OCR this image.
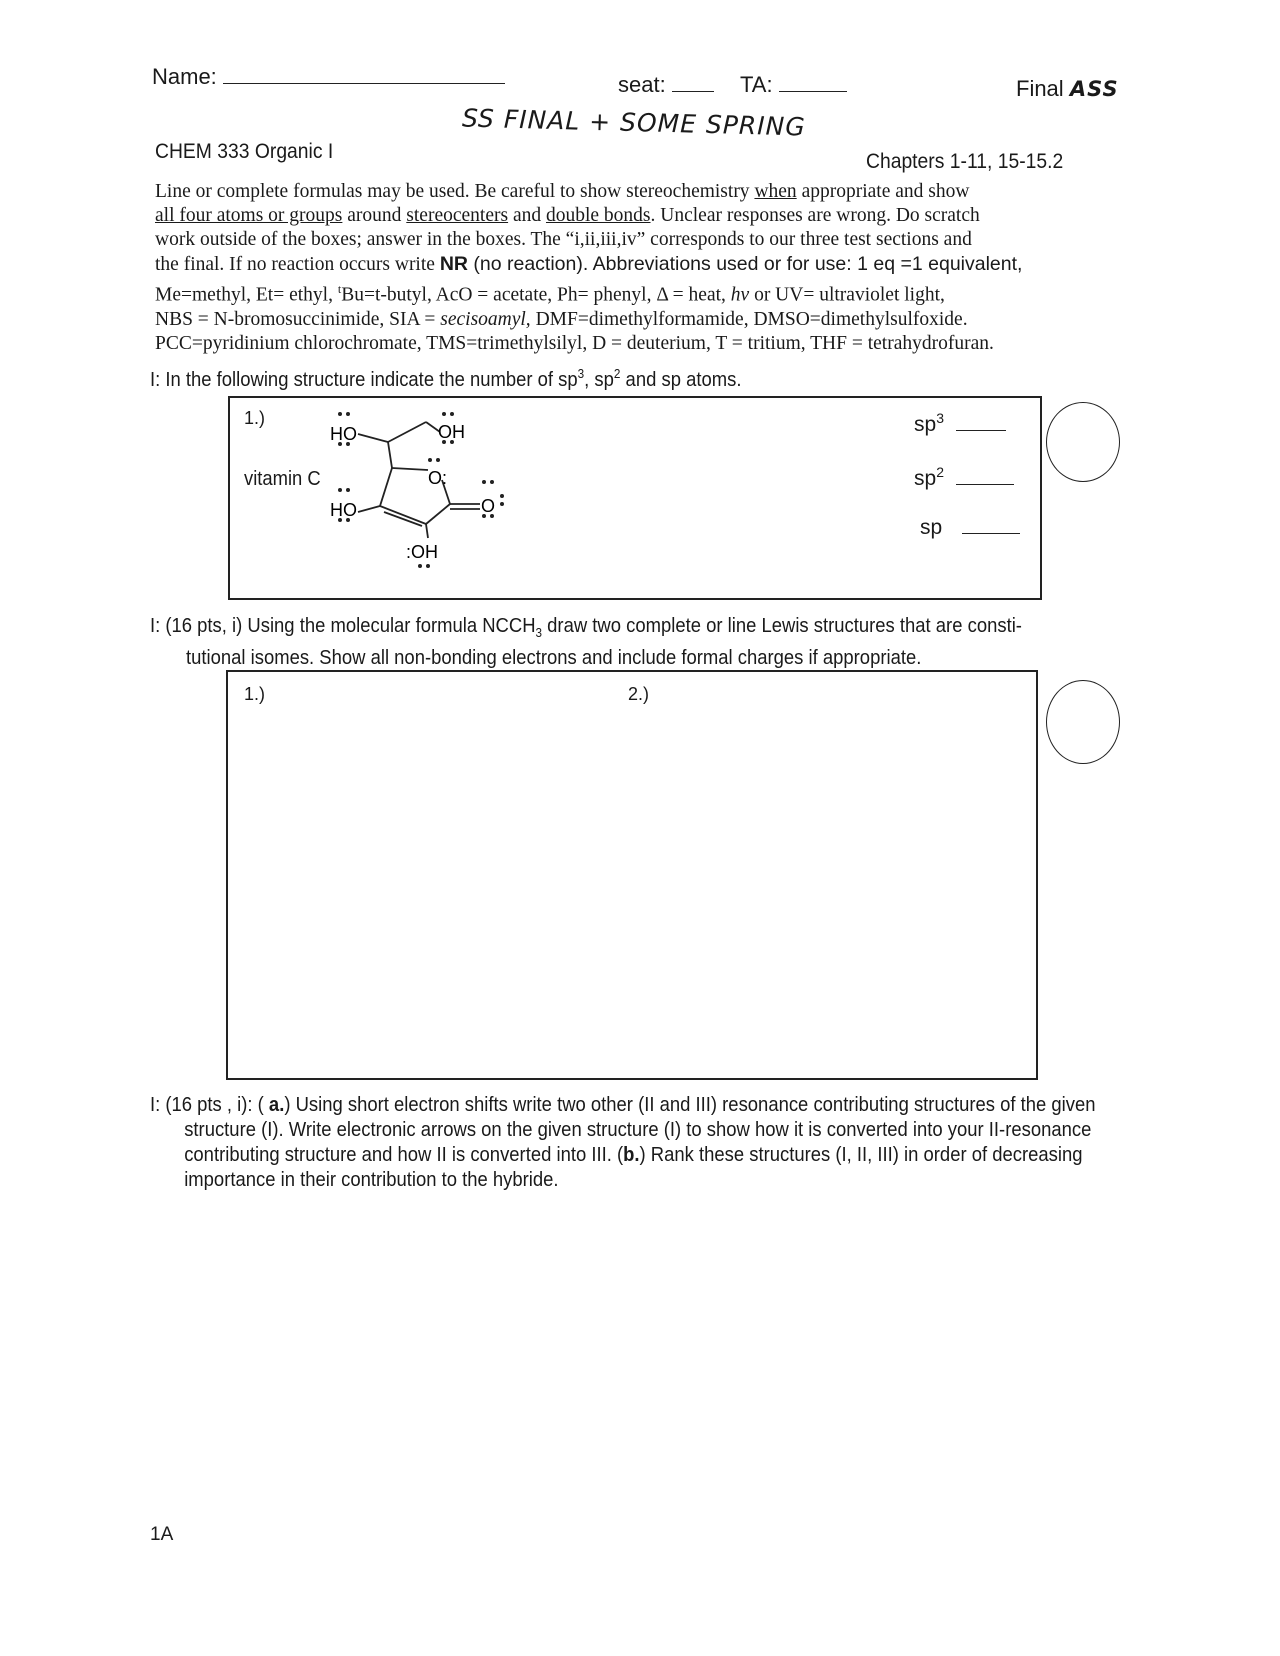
Name:	seat:	TA:	Final ASS
SS FINAL + SOME SPRING
CHEM 333 Organic I	Chapters 1-11, 15-15.2
Line or complete formulas may be used. Be careful to show stereochemistry when appropriate and show
all four atoms or groups around stereocenters and double bonds. Unclear responses are wrong. Do scratch
work outside of the boxes; answer in the boxes. The “i,ii,iii,iv” corresponds to our three test sections and
the final. If no reaction occurs write NR (no reaction). Abbreviations used or for use: 1 eq =1 equivalent,
Me=methyl, Et= ethyl, $^t$Bu=t-butyl, AcO = acetate, Ph= phenyl, Δ = heat, hν or UV= ultraviolet light,
NBS = N-bromosuccinimide, SIA = secisoamyl, DMF=dimethylformamide, DMSO=dimethylsulfoxide.
PCC=pyridinium chlorochromate, TMS=trimethylsilyl, D = deuterium, T = tritium, THF = tetrahydrofuran.
I: In the following structure indicate the number of $sp^3$, $sp^2$ and sp atoms.
1.)
vitamin C
HO	OH
O:
HO	O
:OH
$sp^3$
$sp^2$
sp
I: (16 pts, i) Using the molecular formula $NCCH_3$ draw two complete or line Lewis structures that are consti-
tutional isomes. Show all non-bonding electrons and include formal charges if appropriate.
1.)	2.)
I: (16 pts , i): ( a.) Using short electron shifts write two other (II and III) resonance contributing structures of the given
structure (I). Write electronic arrows on the given structure (I) to show how it is converted into your II-resonance
contributing structure and how II is converted into III. (b.) Rank these structures (I, II, III) in order of decreasing
importance in their contribution to the hybride.
1A
